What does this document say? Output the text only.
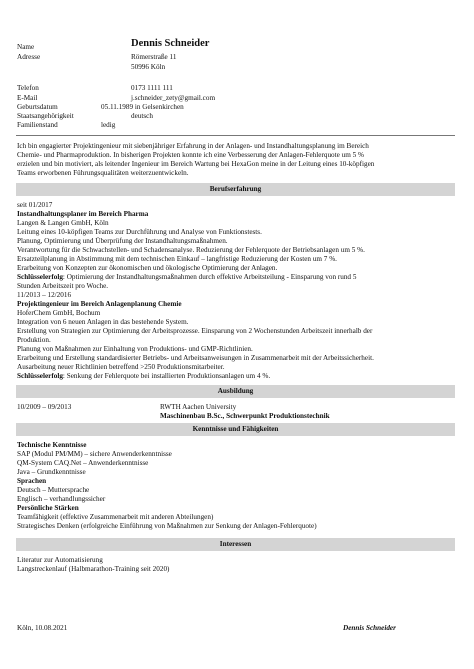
Name	Dennis Schneider
Adresse	Römerstraße 11
50996 Köln
Telefon	0173 1111 111
E-Mail	j.schneider_zety@gmail.com
Geburtsdatum	05.11.1989 in Gelsenkirchen
Staatsangehörigkeit	deutsch
Familienstand	ledig
Ich bin engagierter Projektingenieur mit siebenjähriger Erfahrung in der Anlagen- und Instandhaltungsplanung im Bereich
Chemie- und Pharmaproduktion. In bisherigen Projekten konnte ich eine Verbesserung der Anlagen-Fehlerquote um 5 %
erzielen und bin motiviert, als leitender Ingenieur im Bereich Wartung bei HexaGon meine in der Leitung eines 10-köpfigen
Teams erworbenen Führungsqualitäten weiterzuentwickeln.
Berufserfahrung
seit 01/2017
Instandhaltungsplaner im Bereich Pharma
Langen & Langen GmbH, Köln
Leitung eines 10-köpfigen Teams zur Durchführung und Analyse von Funktionstests.
Planung, Optimierung und Überprüfung der Instandhaltungsmaßnahmen.
Verantwortung für die Schwachstellen- und Schadensanalyse. Reduzierung der Fehlerquote der Betriebsanlagen um 5 %.
Ersatzteilplanung in Abstimmung mit dem technischen Einkauf – langfristige Reduzierung der Kosten um 7 %.
Erarbeitung von Konzepten zur ökonomischen und ökologische Optimierung der Anlagen.
Schlüsselerfolg: Optimierung der Instandhaltungsmaßnahmen durch effektive Arbeitsteilung - Einsparung von rund 5
Stunden Arbeitszeit pro Woche.
11/2013 – 12/2016
Projektingenieur im Bereich Anlagenplanung Chemie
HoferChem GmbH, Bochum
Integration von 6 neuen Anlagen in das bestehende System.
Erstellung von Strategien zur Optimierung der Arbeitsprozesse. Einsparung von 2 Wochenstunden Arbeitszeit innerhalb der
Produktion.
Planung von Maßnahmen zur Einhaltung von Produktions- und GMP-Richtlinien.
Erarbeitung und Erstellung standardisierter Betriebs- und Arbeitsanweisungen in Zusammenarbeit mit der Arbeitssicherheit.
Ausarbeitung neuer Richtlinien betreffend >250 Produktionsmitarbeiter.
Schlüsselerfolg: Senkung der Fehlerquote bei installierten Produktionsanlagen um 4 %.
Ausbildung
10/2009 – 09/2013	RWTH Aachen University
Maschinenbau B.Sc., Schwerpunkt Produktionstechnik
Kenntnisse und Fähigkeiten
Technische Kenntnisse
SAP (Modul PM/MM) – sichere Anwenderkenntnisse
QM-System CAQ.Net – Anwenderkenntnisse
Java – Grundkenntnisse
Sprachen
Deutsch – Muttersprache
Englisch – verhandlungssicher
Persönliche Stärken
Teamfähigkeit (effektive Zusammenarbeit mit anderen Abteilungen)
Strategisches Denken (erfolgreiche Einführung von Maßnahmen zur Senkung der Anlagen-Fehlerquote)
Interessen
Literatur zur Automatisierung
Langstreckenlauf (Halbmarathon-Training seit 2020)
Köln, 10.08.2021	Dennis Schneider
